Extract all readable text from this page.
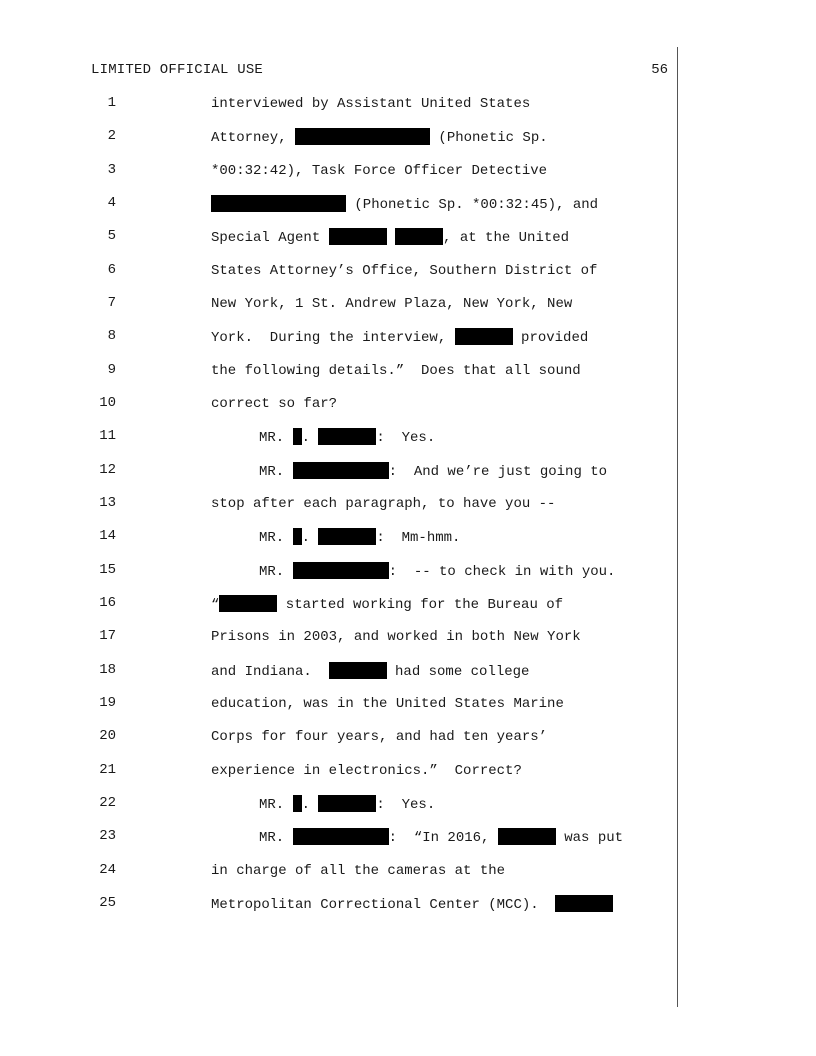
LIMITED OFFICIAL USE	56
1	interviewed by Assistant United States
2	Attorney,	(Phonetic Sp.
3	*00:32:42), Task Force Officer Detective
4	(Phonetic Sp. *00:32:45), and
5	Special Agent	, at the United
6	States Attorney’s Office, Southern District of
7	New York, 1 St. Andrew Plaza, New York, New
8	York.  During the interview,	provided
9	the following details.”  Does that all sound
10	correct so far?
11	MR. .	:  Yes.
12	MR.	:  And we’re just going to
13	stop after each paragraph, to have you --
14	MR. .	:  Mm-hmm.
15	MR.	:  -- to check in with you.
16	“	started working for the Bureau of
17	Prisons in 2003, and worked in both New York
18	and Indiana.	had some college
19	education, was in the United States Marine
20	Corps for four years, and had ten years’
21	experience in electronics.”  Correct?
22	MR. .	:  Yes.
23	MR.	:  “In 2016,	was put
24	in charge of all the cameras at the
25	Metropolitan Correctional Center (MCC).
